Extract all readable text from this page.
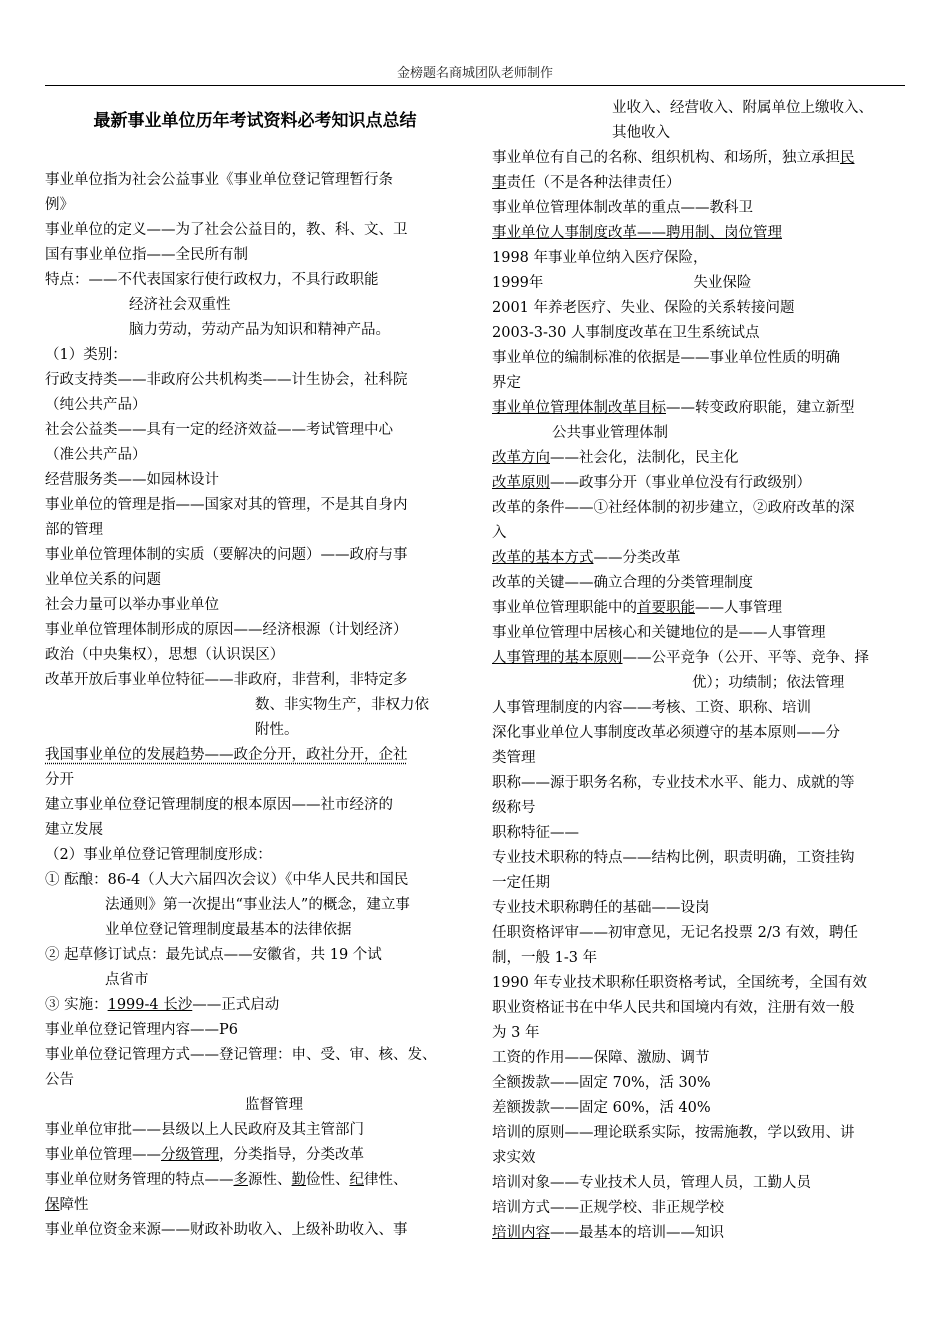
金榜题名商城团队老师制作
最新事业单位历年考试资料必考知识点总结
事业单位指为社会公益事业《事业单位登记管理暂行条
例》
事业单位的定义——为了社会公益目的，教、科、文、卫
国有事业单位指——全民所有制
特点：——不代表国家行使行政权力，不具行政职能
经济社会双重性
脑力劳动，劳动产品为知识和精神产品。
（1）类别：
行政支持类——非政府公共机构类——计生协会，社科院
（纯公共产品）
社会公益类——具有一定的经济效益——考试管理中心
（准公共产品）
经营服务类——如园林设计
事业单位的管理是指——国家对其的管理，不是其自身内
部的管理
事业单位管理体制的实质（要解决的问题）——政府与事
业单位关系的问题
社会力量可以举办事业单位
事业单位管理体制形成的原因——经济根源（计划经济）
政治（中央集权），思想（认识误区）
改革开放后事业单位特征——非政府，非营利，非特定多
数、非实物生产，非权力依
附性。
我国事业单位的发展趋势——政企分开，政社分开，企社
分开
建立事业单位登记管理制度的根本原因——社市经济的
建立发展
（2）事业单位登记管理制度形成：
① 酝酿：86-4（人大六届四次会议）《中华人民共和国民
法通则》第一次提出“事业法人”的概念，建立事
业单位登记管理制度最基本的法律依据
② 起草修订试点：最先试点——安徽省，共 19 个试
点省市
③ 实施：1999-4 长沙——正式启动
事业单位登记管理内容——P6
事业单位登记管理方式——登记管理：申、受、审、核、发、
公告
监督管理
事业单位审批——县级以上人民政府及其主管部门
事业单位管理——分级管理，分类指导，分类改革
事业单位财务管理的特点——多源性、勤俭性、纪律性、
保障性
事业单位资金来源——财政补助收入、上级补助收入、事
业收入、经营收入、附属单位上缴收入、
其他收入
事业单位有自己的名称、组织机构、和场所，独立承担民
事责任（不是各种法律责任）
事业单位管理体制改革的重点——教科卫
事业单位人事制度改革——聘用制、岗位管理
1998 年事业单位纳入医疗保险，
1999年	失业保险
2001 年养老医疗、失业、保险的关系转接问题
2003-3-30 人事制度改革在卫生系统试点
事业单位的编制标准的依据是——事业单位性质的明确
界定
事业单位管理体制改革目标——转变政府职能，建立新型
公共事业管理体制
改革方向——社会化，法制化，民主化
改革原则——政事分开（事业单位没有行政级别）
改革的条件——①社经体制的初步建立，②政府改革的深
入
改革的基本方式——分类改革
改革的关键——确立合理的分类管理制度
事业单位管理职能中的首要职能——人事管理
事业单位管理中居核心和关键地位的是——人事管理
人事管理的基本原则——公平竞争（公开、平等、竞争、择
优）；功绩制；依法管理
人事管理制度的内容——考核、工资、职称、培训
深化事业单位人事制度改革必须遵守的基本原则——分
类管理
职称——源于职务名称，专业技术水平、能力、成就的等
级称号
职称特征——
专业技术职称的特点——结构比例，职责明确，工资挂钩
一定任期
专业技术职称聘任的基础——设岗
任职资格评审——初审意见，无记名投票 2/3 有效，聘任
制，一般 1-3 年
1990 年专业技术职称任职资格考试，全国统考，全国有效
职业资格证书在中华人民共和国境内有效，注册有效一般
为 3 年
工资的作用——保障、激励、调节
全额拨款——固定 70%，活 30%
差额拨款——固定 60%，活 40%
培训的原则——理论联系实际，按需施教，学以致用、讲
求实效
培训对象——专业技术人员，管理人员，工勤人员
培训方式——正规学校、非正规学校
培训内容——最基本的培训——知识
